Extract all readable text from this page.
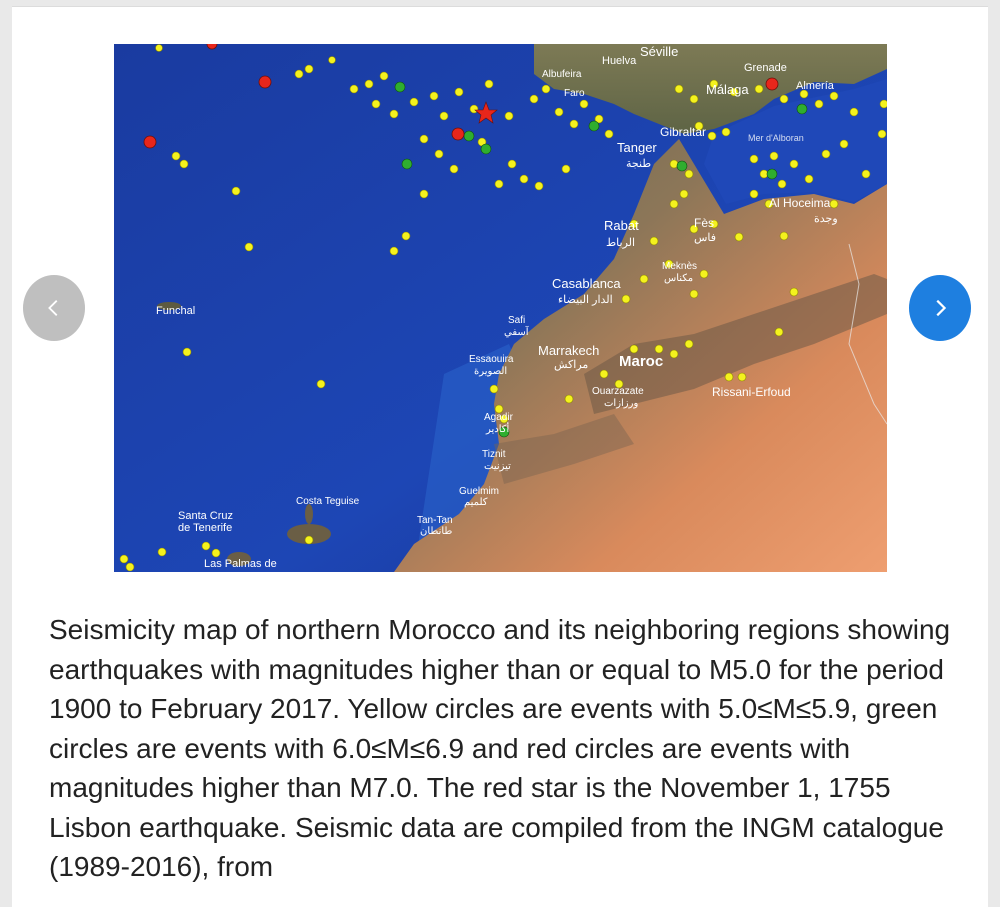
Séville
Huelva
Albufeira
Faro
Grenade
Málaga	Almería
Gibraltar
Tanger
طنجة
Mer d'Alboran
Al Hoceima
وجدة
Rabat
الرباط
Fès
فاس
Meknès
مكناس
Casablanca
الدار البيضاء
Funchal
Safi
آسفي
Essaouira
الصويرة
Marrakech
مراكش Maroc
Ouarzazate
ورزازات
Rissani-Erfoud
Agadir
أكادير
Tiznit
تيزنيت
Guelmim
كلميم
Tan-Tan
طانطان
Costa Teguise
Santa Cruz
de Tenerife
Las Palmas de
Seismicity map of northern Morocco and its neighboring regions showing earthquakes with magnitudes higher than or equal to M5.0 for the period 1900 to February 2017. Yellow circles are events with 5.0≤M≤5.9, green circles are events with 6.0≤M≤6.9 and red circles are events with magnitudes higher than M7.0. The red star is the November 1, 1755 Lisbon earthquake. Seismic data are compiled from the INGM catalogue (1989-2016), from
